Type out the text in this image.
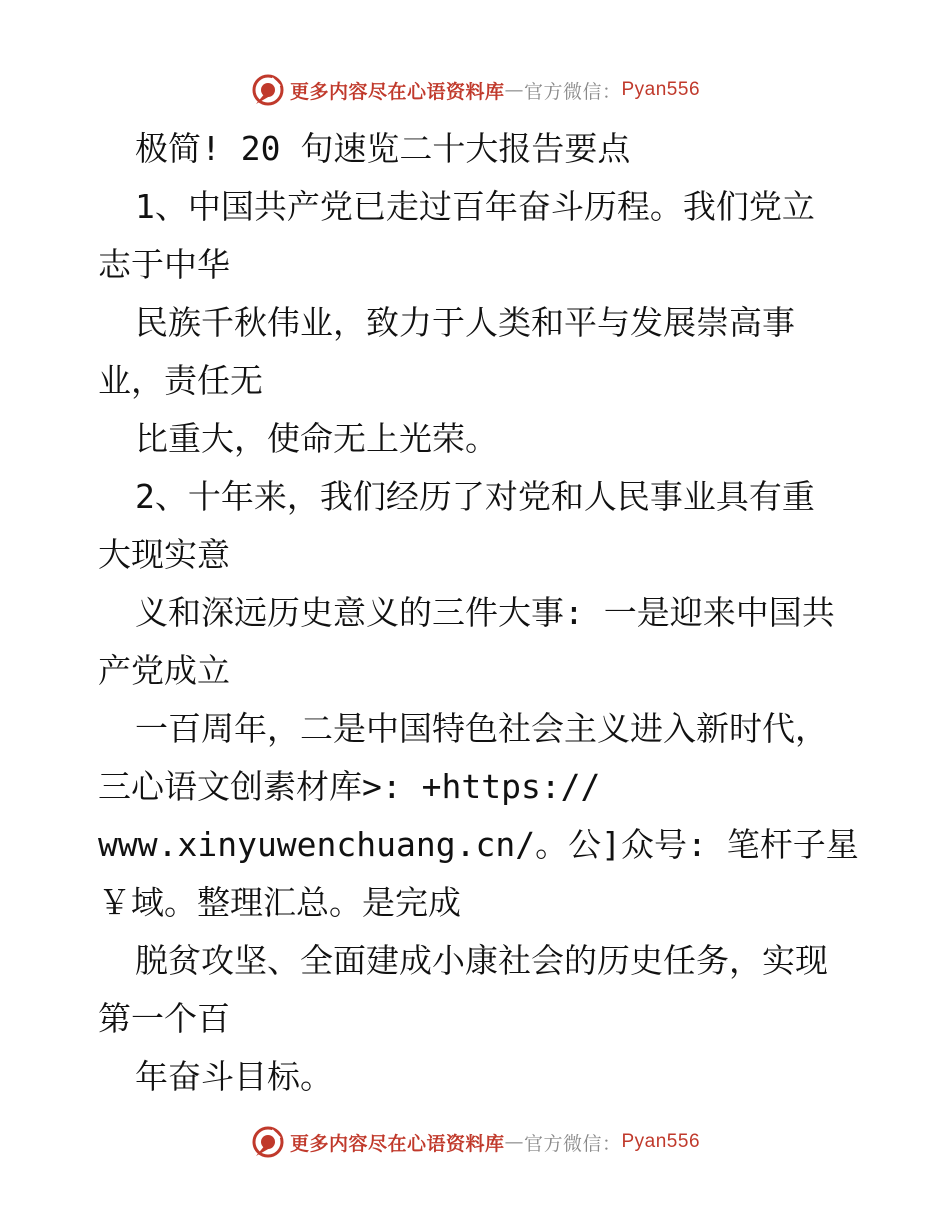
更多内容尽在心语资料库 — 官方微信： Pyan556
极简! 20 句速览二十大报告要点
1、中国共产党已走过百年奋斗历程。我们党立
志于中华
民族千秋伟业，致力于人类和平与发展崇高事
业，责任无
比重大，使命无上光荣。
2、十年来，我们经历了对党和人民事业具有重
大现实意
义和深远历史意义的三件大事: 一是迎来中国共
产党成立
一百周年，二是中国特色社会主义进入新时代，
三心语文创素材库>: +https://
www.xinyuwenchuang.cn/。公]众号: 笔杆子星
￥域。整理汇总。是完成
脱贫攻坚、全面建成小康社会的历史任务，实现
第一个百
年奋斗目标。
更多内容尽在心语资料库 — 官方微信： Pyan556
